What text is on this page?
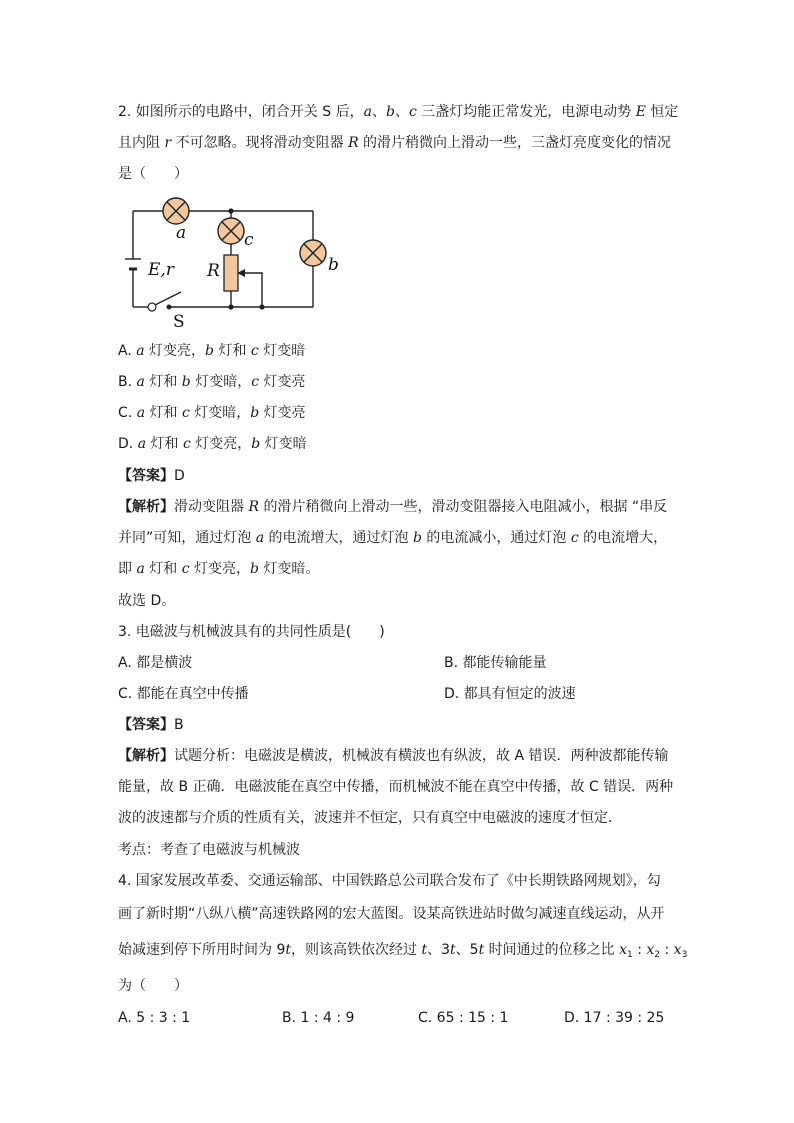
2. 如图所示的电路中，闭合开关 S 后，a、b、c 三盏灯均能正常发光，电源电动势 E 恒定
且内阻 r 不可忽略。现将滑动变阻器 R 的滑片稍微向上滑动一些，三盏灯亮度变化的情况
是（　　）
a	c
b
E,r R
S
A. a 灯变亮，b 灯和 c 灯变暗
B. a 灯和 b 灯变暗，c 灯变亮
C. a 灯和 c 灯变暗，b 灯变亮
D. a 灯和 c 灯变亮，b 灯变暗
【答案】D
【解析】滑动变阻器 R 的滑片稍微向上滑动一些，滑动变阻器接入电阻减小，根据 “串反
并同”可知，通过灯泡 a 的电流增大，通过灯泡 b 的电流减小，通过灯泡 c 的电流增大，
即 a 灯和 c 灯变亮，b 灯变暗。
故选 D。
3. 电磁波与机械波具有的共同性质是(　　)
A. 都是横波	B. 都能传输能量
C. 都能在真空中传播	D. 都具有恒定的波速
【答案】B
【解析】试题分析：电磁波是横波，机械波有横波也有纵波，故 A 错误．两种波都能传输
能量，故 B 正确．电磁波能在真空中传播，而机械波不能在真空中传播，故 C 错误．两种
波的波速都与介质的性质有关，波速并不恒定，只有真空中电磁波的速度才恒定．
考点：考查了电磁波与机械波
4. 国家发展改革委、交通运输部、中国铁路总公司联合发布了《中长期铁路网规划》，勾
画了新时期“八纵八横”高速铁路网的宏大蓝图。设某高铁进站时做匀减速直线运动，从开
始减速到停下所用时间为 9t，则该高铁依次经过 t、3t、5t 时间通过的位移之比 $x_1$ : $x_2$ : $x_3$
为（　　）
A. 5 : 3 : 1	B. 1 : 4 : 9	C. 65 : 15 : 1	D. 17 : 39 : 25
